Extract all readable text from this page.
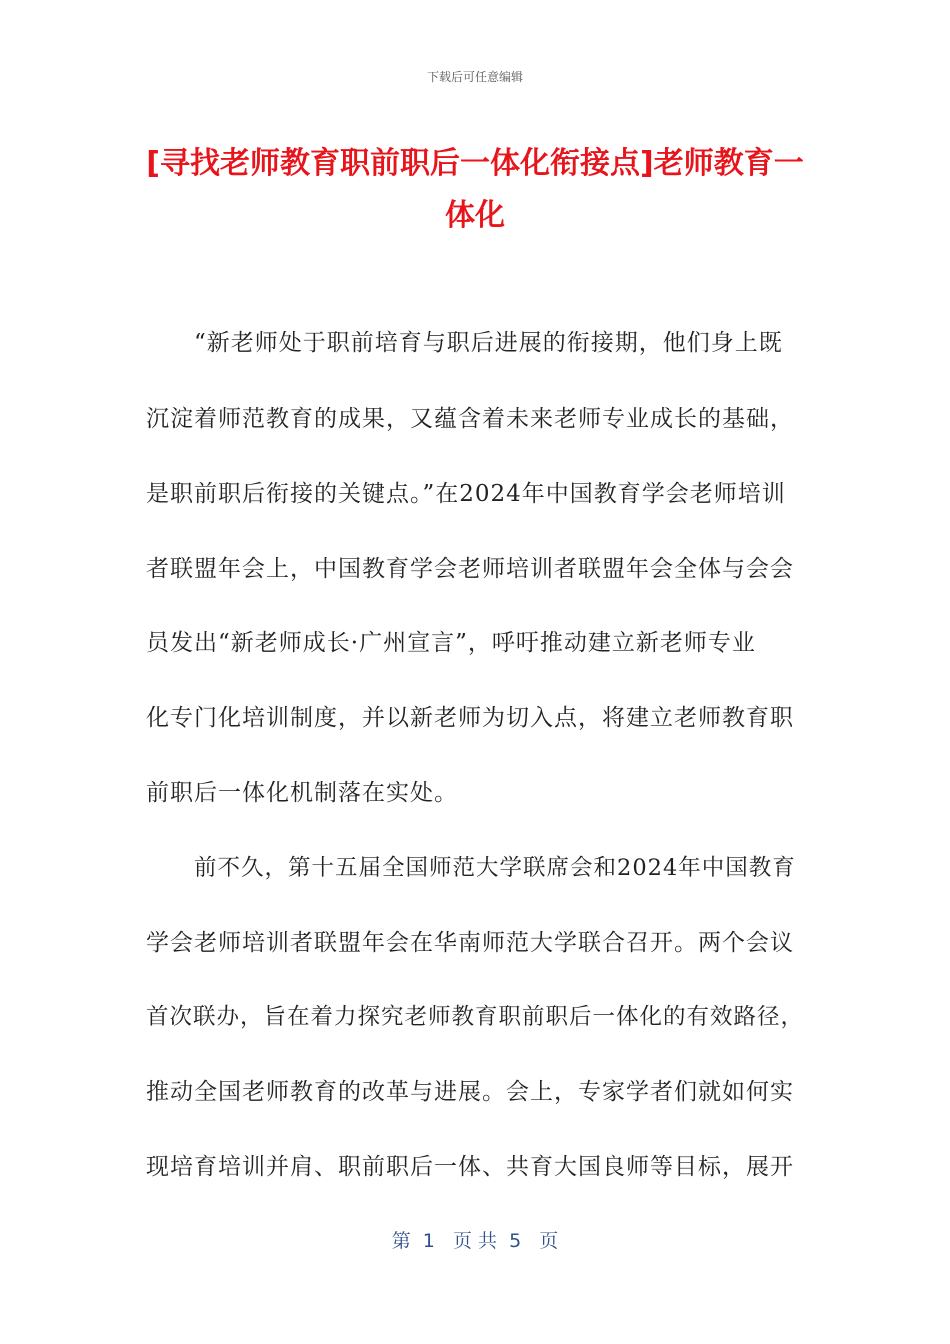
下载后可任意编辑
[寻找老师教育职前职后一体化衔接点]老师教育一体化

“新老师处于职前培育与职后进展的衔接期，他们身上既

沉淀着师范教育的成果，又蕴含着未来老师专业成长的基础，

是职前职后衔接的关键点。”在2024年中国教育学会老师培训

者联盟年会上，中国教育学会老师培训者联盟年会全体与会会

员发出“新老师成长·广州宣言”，呼吁推动建立新老师专业

化专门化培训制度，并以新老师为切入点，将建立老师教育职

前职后一体化机制落在实处。

前不久，第十五届全国师范大学联席会和2024年中国教育

学会老师培训者联盟年会在华南师范大学联合召开。两个会议

首次联办，旨在着力探究老师教育职前职后一体化的有效路径，

推动全国老师教育的改革与进展。会上，专家学者们就如何实

现培育培训并肩、职前职后一体、共育大国良师等目标，展开

第  1   页 共  5   页
